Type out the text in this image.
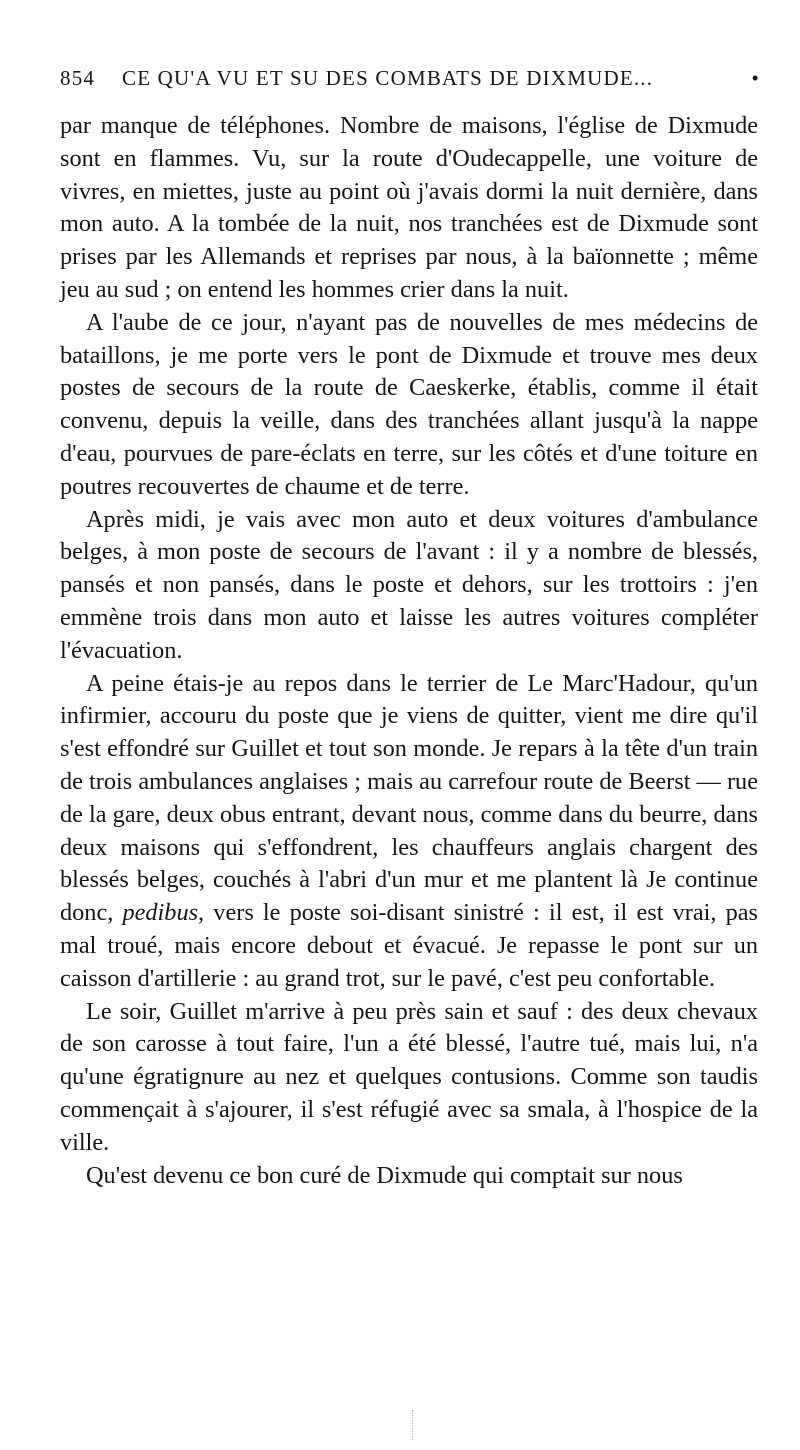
854 CE QU'A VU ET SU DES COMBATS DE DIXMUDE...	•

par manque de téléphones. Nombre de maisons, l'église de Dixmude sont en flammes. Vu, sur la route d'Oudecappelle, une voiture de vivres, en miettes, juste au point où j'avais dormi la nuit dernière, dans mon auto. A la tombée de la nuit, nos tranchées est de Dixmude sont prises par les Allemands et reprises par nous, à la baïonnette ; même jeu au sud ; on entend les hommes crier dans la nuit.

A l'aube de ce jour, n'ayant pas de nouvelles de mes médecins de bataillons, je me porte vers le pont de Dixmude et trouve mes deux postes de secours de la route de Caeskerke, établis, comme il était convenu, depuis la veille, dans des tranchées allant jusqu'à la nappe d'eau, pourvues de pare-éclats en terre, sur les côtés et d'une toiture en poutres recouvertes de chaume et de terre.

Après midi, je vais avec mon auto et deux voitures d'ambulance belges, à mon poste de secours de l'avant : il y a nombre de blessés, pansés et non pansés, dans le poste et dehors, sur les trottoirs : j'en emmène trois dans mon auto et laisse les autres voitures compléter l'évacuation.

A peine étais-je au repos dans le terrier de Le Marc'Hadour, qu'un infirmier, accouru du poste que je viens de quitter, vient me dire qu'il s'est effondré sur Guillet et tout son monde. Je repars à la tête d'un train de trois ambulances anglaises ; mais au carrefour route de Beerst — rue de la gare, deux obus entrant, devant nous, comme dans du beurre, dans deux maisons qui s'effondrent, les chauffeurs anglais chargent des blessés belges, couchés à l'abri d'un mur et me plantent là Je continue donc, pedibus, vers le poste soi-disant sinistré : il est, il est vrai, pas mal troué, mais encore debout et évacué. Je repasse le pont sur un caisson d'artillerie : au grand trot, sur le pavé, c'est peu confortable.

Le soir, Guillet m'arrive à peu près sain et sauf : des deux chevaux de son carosse à tout faire, l'un a été blessé, l'autre tué, mais lui, n'a qu'une égratignure au nez et quelques contusions. Comme son taudis commençait à s'ajourer, il s'est réfugié avec sa smala, à l'hospice de la ville.

Qu'est devenu ce bon curé de Dixmude qui comptait sur nous
